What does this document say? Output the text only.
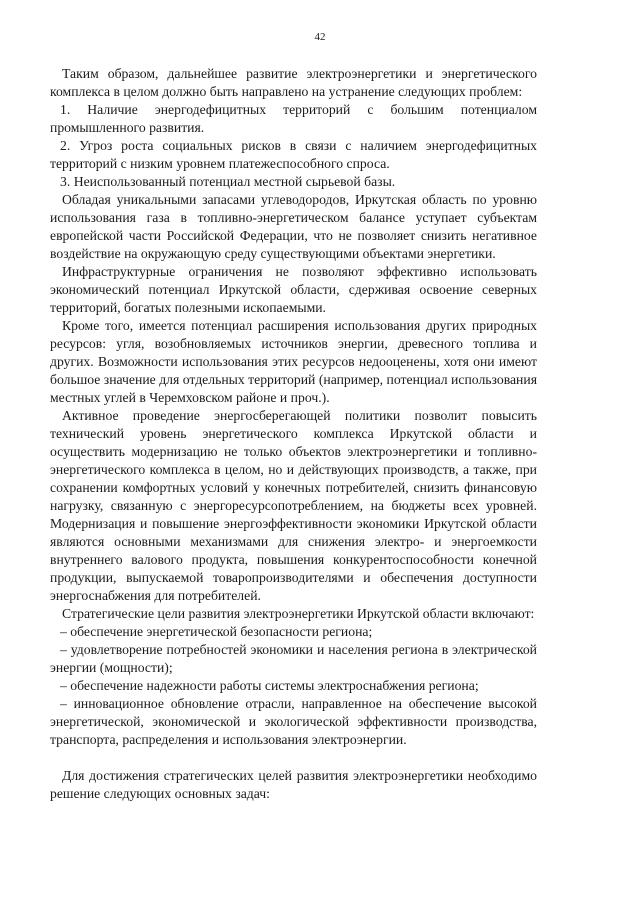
42

Таким образом, дальнейшее развитие электроэнергетики и энергетического комплекса в целом должно быть направлено на устранение следующих проблем:

1. Наличие энергодефицитных территорий с большим потенциалом промышленного развития.

2. Угроз роста социальных рисков в связи с наличием энергодефицитных территорий с низким уровнем платежеспособного спроса.

3. Неиспользованный потенциал местной сырьевой базы.

Обладая уникальными запасами углеводородов, Иркутская область по уровню использования газа в топливно-энергетическом балансе уступает субъектам европейской части Российской Федерации, что не позволяет снизить негативное воздействие на окружающую среду существующими объектами энергетики.

Инфраструктурные ограничения не позволяют эффективно использовать экономический потенциал Иркутской области, сдерживая освоение северных территорий, богатых полезными ископаемыми.

Кроме того, имеется потенциал расширения использования других природных ресурсов: угля, возобновляемых источников энергии, древесного топлива и других. Возможности использования этих ресурсов недооценены, хотя они имеют большое значение для отдельных территорий (например, потенциал использования местных углей в Черемховском районе и проч.).

Активное проведение энергосберегающей политики позволит повысить технический уровень энергетического комплекса Иркутской области и осуществить модернизацию не только объектов электроэнергетики и топливно-энергетического комплекса в целом, но и действующих производств, а также, при сохранении комфортных условий у конечных потребителей, снизить финансовую нагрузку, связанную с энергоресурсопотреблением, на бюджеты всех уровней. Модернизация и повышение энергоэффективности экономики Иркутской области являются основными механизмами для снижения электро- и энергоемкости внутреннего валового продукта, повышения конкурентоспособности конечной продукции, выпускаемой товаропроизводителями и обеспечения доступности энергоснабжения для потребителей.

Стратегические цели развития электроэнергетики Иркутской области включают:

– обеспечение энергетической безопасности региона;

– удовлетворение потребностей экономики и населения региона в электрической энергии (мощности);

– обеспечение надежности работы системы электроснабжения региона;

– инновационное обновление отрасли, направленное на обеспечение высокой энергетической, экономической и экологической эффективности производства, транспорта, распределения и использования электроэнергии.

Для достижения стратегических целей развития электроэнергетики необходимо решение следующих основных задач:
